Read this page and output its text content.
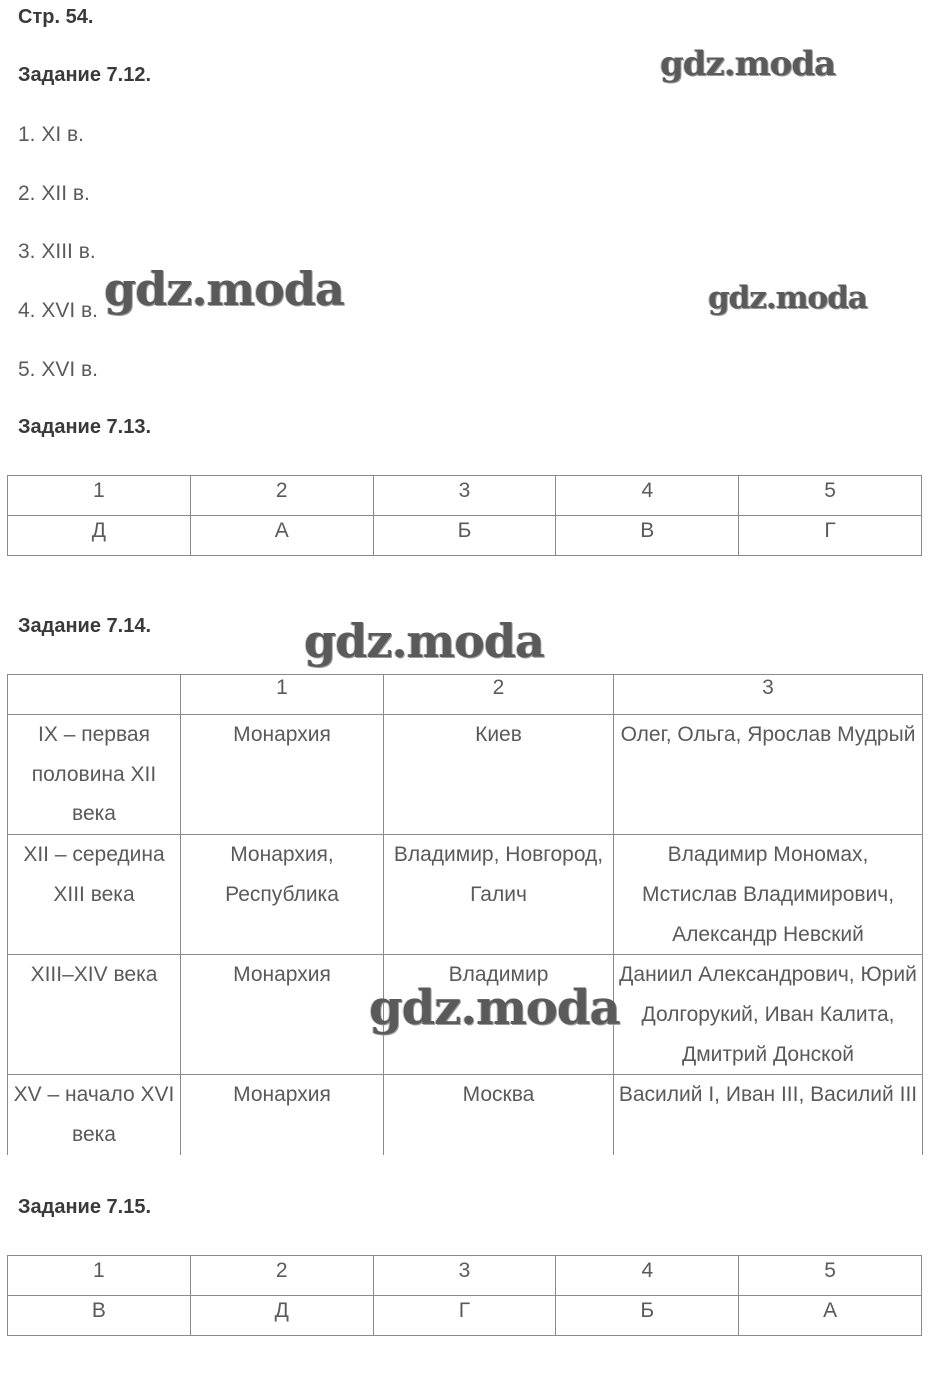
Стр. 54.
Задание 7.12.
1. XI в.
2. XII в.
3. XIII в.
4. XVI в.
5. XVI в.
Задание 7.13.
1	2	3	4	5
Д	А	Б	В	Г
Задание 7.14.
	1	2	3
IX – первая половина XII века	Монархия	Киев	Олег, Ольга, Ярослав Мудрый
XII – середина XIII века	Монархия, Республика	Владимир, Новгород, Галич	Владимир Мономах, Мстислав Владимирович, Александр Невский
XIII–XIV века	Монархия	Владимир	Даниил Александрович, Юрий Долгорукий, Иван Калита, Дмитрий Донской
XV – начало XVI века	Монархия	Москва	Василий I, Иван III, Василий III
Задание 7.15.
1	2	3	4	5
В	Д	Г	Б	А
gdz.moda
gdz.moda	gdz.moda
gdz.moda
gdz.moda
